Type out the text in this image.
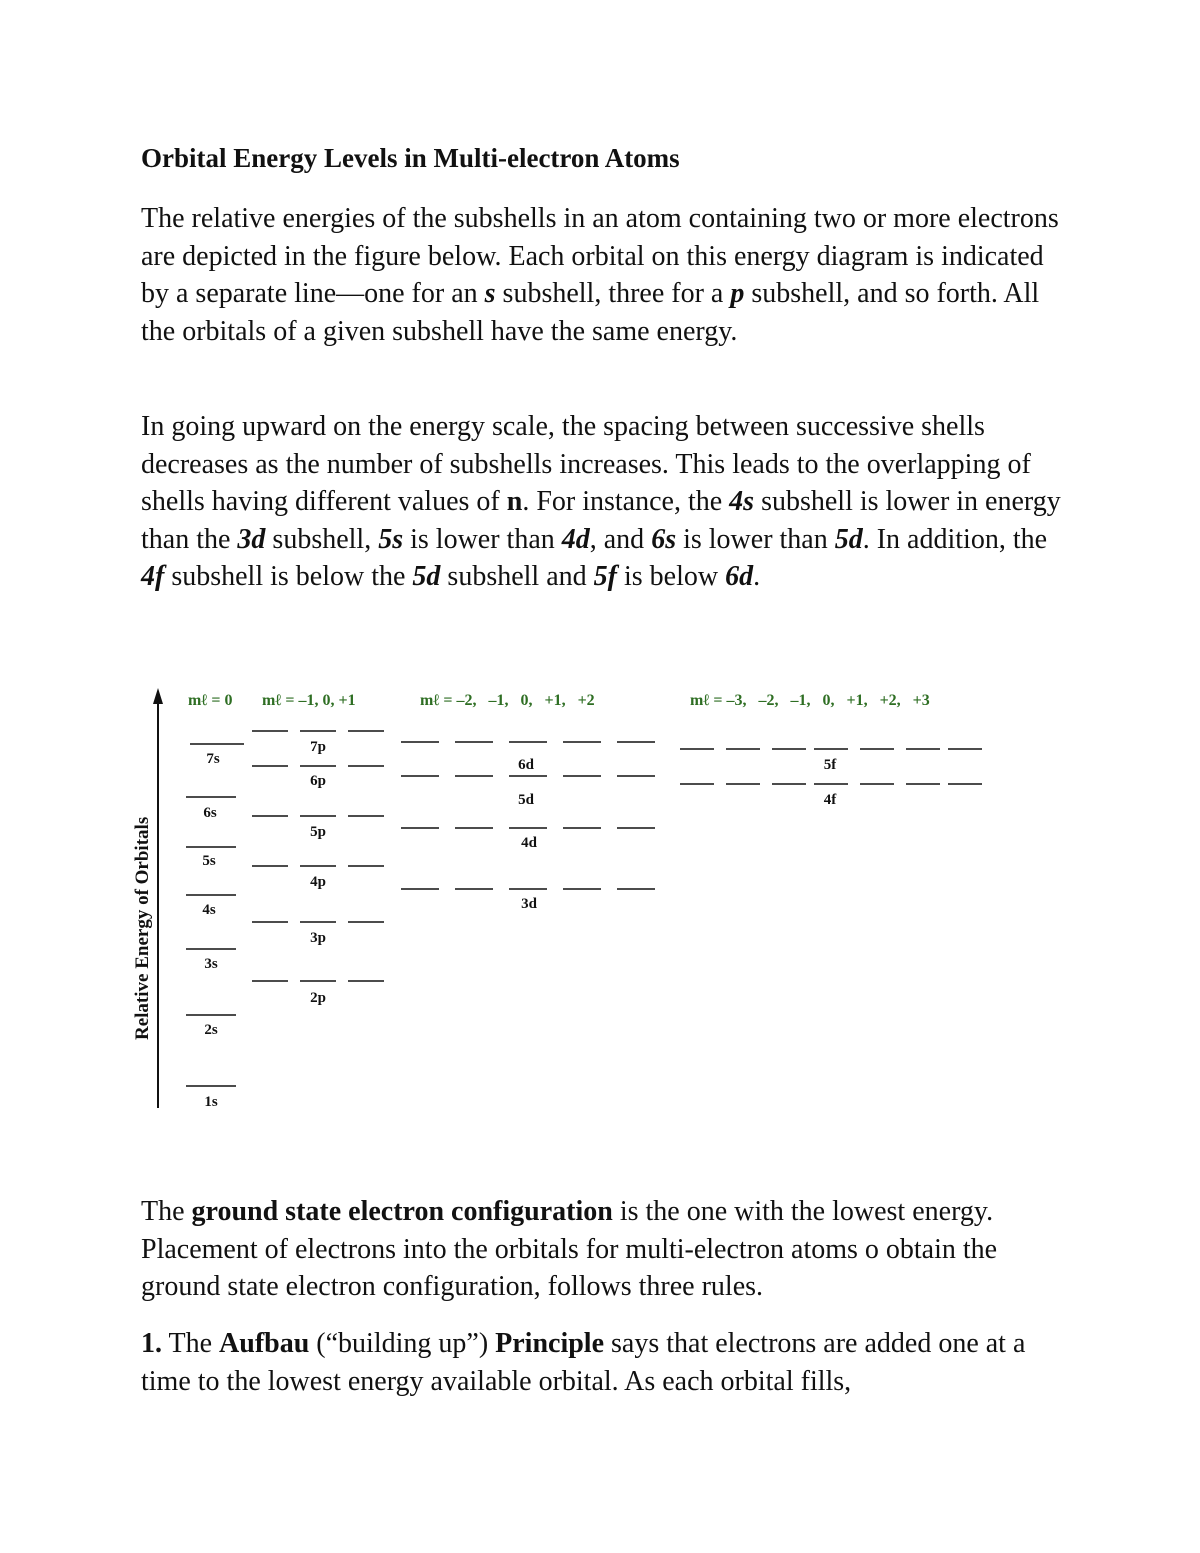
Orbital Energy Levels in Multi-electron Atoms

The relative energies of the subshells in an atom containing two or more electrons are depicted in the figure below. Each orbital on this energy diagram is indicated by a separate line—one for an s subshell, three for a p subshell, and so forth. All the orbitals of a given subshell have the same energy.

In going upward on the energy scale, the spacing between successive shells decreases as the number of subshells increases. This leads to the overlapping of shells having different values of n. For instance, the 4s subshell is lower in energy than the 3d subshell, 5s is lower than 4d, and 6s is lower than 5d. In addition, the 4f subshell is below the 5d subshell and 5f is below 6d.

Relative Energy of Orbitals
mℓ = 0 mℓ = –1, 0, +1	mℓ = –2,   –1,   0,   +1,   +2	mℓ = –3,   –2,   –1,   0,   +1,   +2,   +3
1s
2s
3s
4s
5s
6s
7s
2p
3p
4p
5p
6p
7p
3d
4d
5d
6d
4f
5f

The ground state electron configuration is the one with the lowest energy. Placement of electrons into the orbitals for multi-electron atoms o obtain the ground state electron configuration, follows three rules.

1. The Aufbau (“building up”) Principle says that electrons are added one at a time to the lowest energy available orbital. As each orbital fills,
